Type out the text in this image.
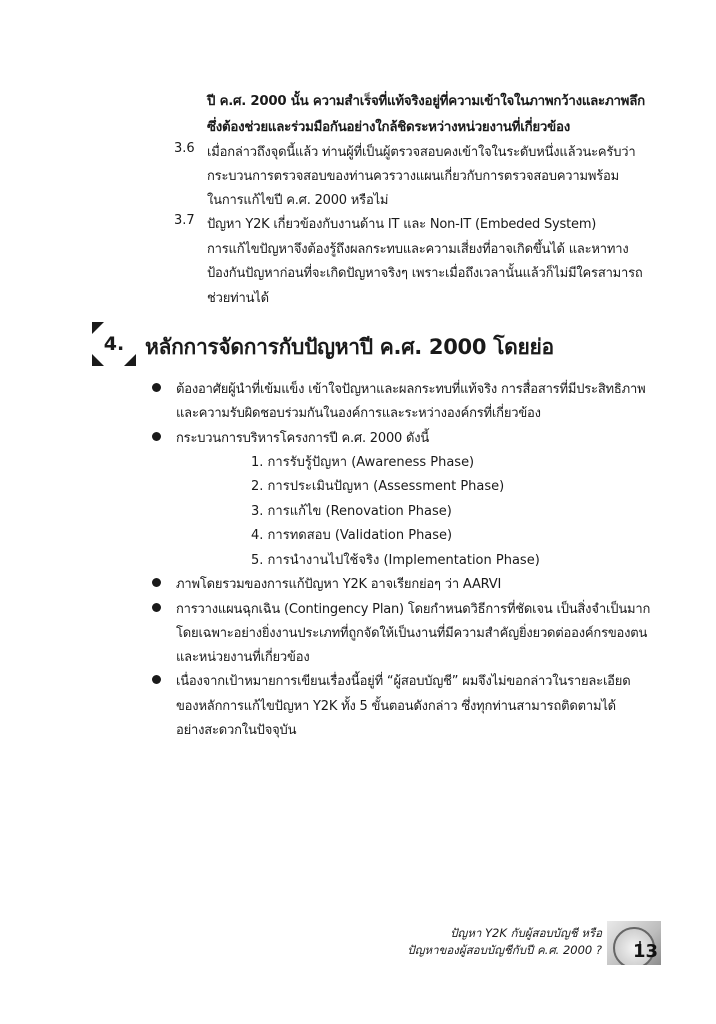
ปี ค.ศ. 2000 นั้น ความสำเร็จที่แท้จริงอยู่ที่ความเข้าใจในภาพกว้างและภาพลึก
ซึ่งต้องช่วยและร่วมมือกันอย่างใกล้ชิดระหว่างหน่วยงานที่เกี่ยวข้อง
3.6 เมื่อกล่าวถึงจุดนี้แล้ว ท่านผู้ที่เป็นผู้ตรวจสอบคงเข้าใจในระดับหนึ่งแล้วนะครับว่า
กระบวนการตรวจสอบของท่านควรวางแผนเกี่ยวกับการตรวจสอบความพร้อม
ในการแก้ไขปี ค.ศ. 2000 หรือไม่
3.7 ปัญหา Y2K เกี่ยวข้องกับงานด้าน IT และ Non-IT (Embeded System)
การแก้ไขปัญหาจึงต้องรู้ถึงผลกระทบและความเสี่ยงที่อาจเกิดขึ้นได้ และหาทาง
ป้องกันปัญหาก่อนที่จะเกิดปัญหาจริงๆ เพราะเมื่อถึงเวลานั้นแล้วก็ไม่มีใครสามารถ
ช่วยท่านได้
4. หลักการจัดการกับปัญหาปี ค.ศ. 2000 โดยย่อ
ต้องอาศัยผู้นำที่เข้มแข็ง เข้าใจปัญหาและผลกระทบที่แท้จริง การสื่อสารที่มีประสิทธิภาพ
และความรับผิดชอบร่วมกันในองค์การและระหว่างองค์กรที่เกี่ยวข้อง
กระบวนการบริหารโครงการปี ค.ศ. 2000 ดังนี้
1. การรับรู้ปัญหา (Awareness Phase)
2. การประเมินปัญหา (Assessment Phase)
3. การแก้ไข (Renovation Phase)
4. การทดสอบ (Validation Phase)
5. การนำงานไปใช้จริง (Implementation Phase)
ภาพโดยรวมของการแก้ปัญหา Y2K อาจเรียกย่อๆ ว่า AARVI
การวางแผนฉุกเฉิน (Contingency Plan) โดยกำหนดวิธีการที่ชัดเจน เป็นสิ่งจำเป็นมาก
โดยเฉพาะอย่างยิ่งงานประเภทที่ถูกจัดให้เป็นงานที่มีความสำคัญยิ่งยวดต่อองค์กรของตน
และหน่วยงานที่เกี่ยวข้อง
เนื่องจากเป้าหมายการเขียนเรื่องนี้อยู่ที่ “ผู้สอบบัญชี” ผมจึงไม่ขอกล่าวในรายละเอียด
ของหลักการแก้ไขปัญหา Y2K ทั้ง 5 ขั้นตอนดังกล่าว ซึ่งทุกท่านสามารถติดตามได้
อย่างสะดวกในปัจจุบัน
ปัญหา Y2K กับผู้สอบบัญชี หรือ
ปัญหาของผู้สอบบัญชีกับปี ค.ศ. 2000 ? 13
